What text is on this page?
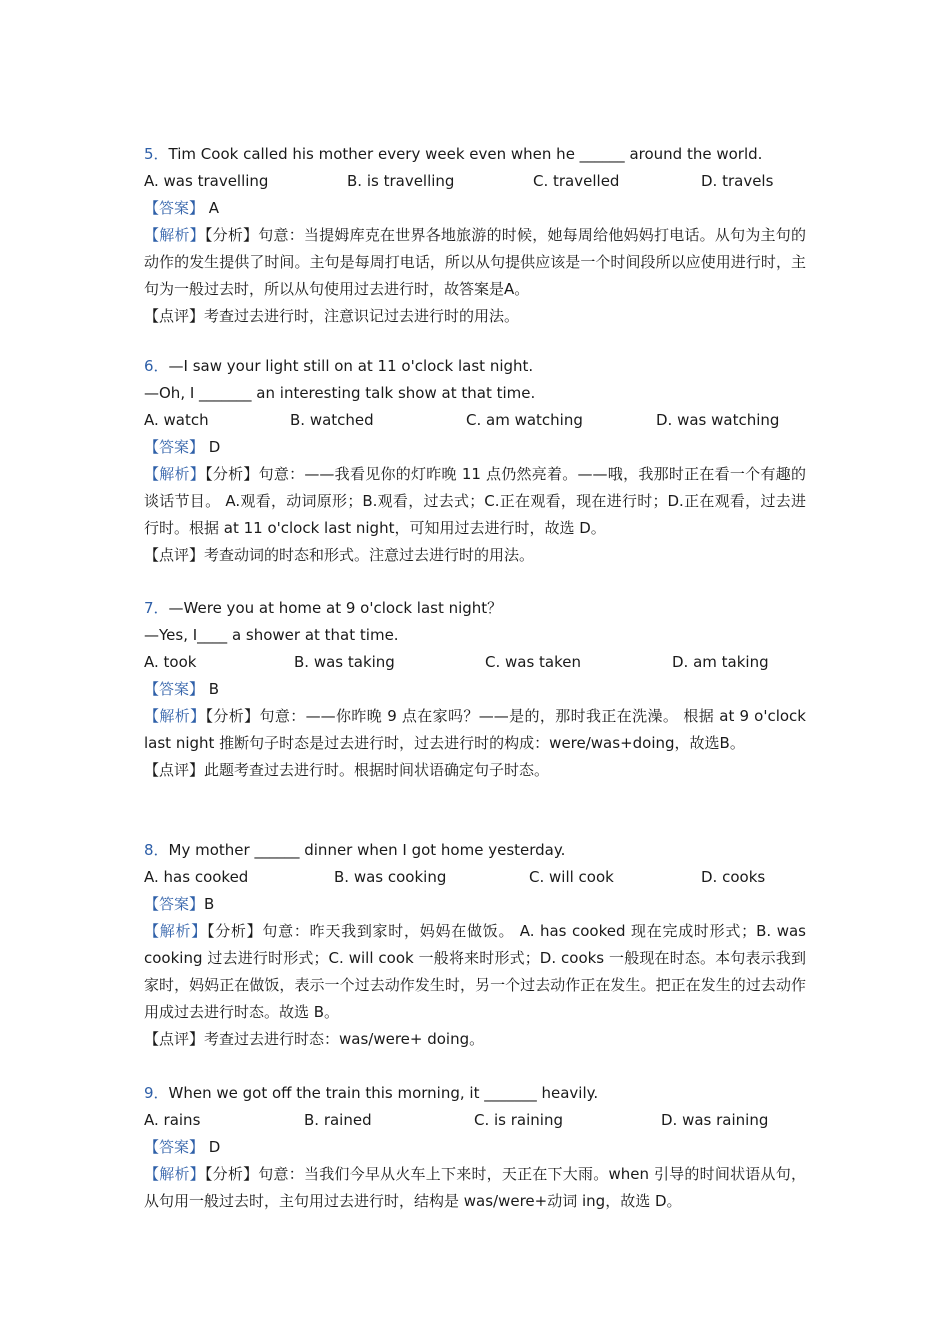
5．Tim Cook called his mother every week even when he ______ around the world.
A. was travelling	B. is travelling	C. travelled	D. travels
【答案】 A
【解析】【分析】句意：当提姆库克在世界各地旅游的时候，她每周给他妈妈打电话。从句为主句的动作的发生提供了时间。主句是每周打电话，所以从句提供应该是一个时间段所以应使用进行时，主句为一般过去时，所以从句使用过去进行时，故答案是A。
【点评】考查过去进行时，注意识记过去进行时的用法。
6．—I saw your light still on at 11 o'clock last night.
—Oh, I _______ an interesting talk show at that time.
A. watch	B. watched	C. am watching	D. was watching
【答案】 D
【解析】【分析】句意：——我看见你的灯昨晚 11 点仍然亮着。——哦，我那时正在看一个有趣的谈话节目。 A.观看，动词原形；B.观看，过去式；C.正在观看，现在进行时；D.正在观看，过去进行时。根据 at 11 o'clock last night，可知用过去进行时，故选 D。
【点评】考查动词的时态和形式。注意过去进行时的用法。
7．—Were you at home at 9 o'clock last night？
—Yes, I____ a shower at that time.
A. took	B. was taking	C. was taken	D. am taking
【答案】 B
【解析】【分析】句意：——你昨晚 9 点在家吗？——是的，那时我正在洗澡。 根据 at 9 o'clock last night 推断句子时态是过去进行时，过去进行时的构成：were/was+doing，故选B。
【点评】此题考查过去进行时。根据时间状语确定句子时态。
8．My mother ______ dinner when I got home yesterday.
A. has cooked	B. was cooking	C. will cook	D. cooks
【答案】B
【解析】【分析】句意：昨天我到家时，妈妈在做饭。 A. has cooked 现在完成时形式；B. was cooking 过去进行时形式；C. will cook 一般将来时形式；D. cooks 一般现在时态。本句表示我到家时，妈妈正在做饭，表示一个过去动作发生时，另一个过去动作正在发生。把正在发生的过去动作用成过去进行时态。故选 B。
【点评】考查过去进行时态：was/were+ doing。
9．When we got off the train this morning, it _______ heavily.
A. rains	B. rained	C. is raining	D. was raining
【答案】 D
【解析】【分析】句意：当我们今早从火车上下来时，天正在下大雨。when 引导的时间状语从句，从句用一般过去时，主句用过去进行时，结构是 was/were+动词 ing，故选 D。
